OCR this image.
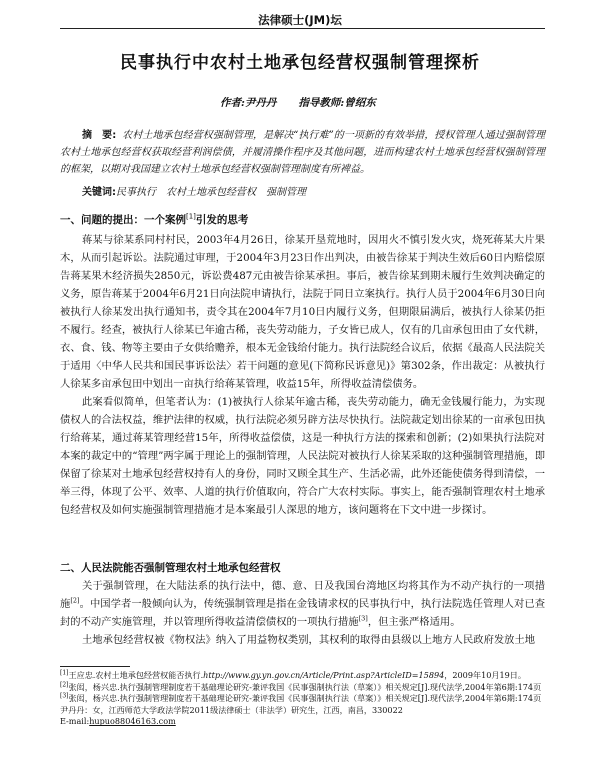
法律硕士(JM)坛
民事执行中农村土地承包经营权强制管理探析
作者:尹丹丹 指导教师:曾绍东
摘　要: 农村土地承包经营权强制管理，是解决“执行难”的一项新的有效举措，授权管理人通过强制管理农村土地承包经营权获取经营利润偿债，并履清操作程序及其他问题，进而构建农村土地承包经营权强制管理的框架，以期对我国建立农村土地承包经营权强制管理制度有所裨益。
关键词:民事执行　农村土地承包经营权　强制管理
一、问题的提出：一个案例[1]引发的思考

蒋某与徐某系同村村民，2003年4月26日，徐某开垦荒地时，因用火不慎引发火灾，烧死蒋某大片果木，从而引起诉讼。法院通过审理，于2004年3月23日作出判决，由被告徐某于判决生效后60日内赔偿原告蒋某果木经济损失2850元，诉讼费487元由被告徐某承担。事后，被告徐某到期未履行生效判决确定的义务，原告蒋某于2004年6月21日向法院申请执行，法院于同日立案执行。执行人员于2004年6月30日向被执行人徐某发出执行通知书，责令其在2004年7月10日内履行义务，但期限届满后，被执行人徐某仍拒不履行。经查，被执行人徐某已年逾古稀，丧失劳动能力，子女皆已成人，仅有的几亩承包田由了女代耕，衣、食、钱、物等主要由子女供给赡养，根本无金钱给付能力。执行法院经合议后，依据《最高人民法院关于适用〈中华人民共和国民事诉讼法〉若干问题的意见(下简称民诉意见)》第302条，作出裁定：从被执行人徐某多亩承包田中划出一亩执行给蒋某管理，收益15年，所得收益清偿债务。

此案看似简单，但笔者认为：(1)被执行人徐某年逾古稀，丧失劳动能力，确无金钱履行能力，为实现债权人的合法权益，维护法律的权威，执行法院必须另辟方法尽快执行。法院裁定划出徐某的一亩承包田执行给蒋某，通过蒋某管理经营15年，所得收益偿债，这是一种执行方法的探索和创新；(2)如果执行法院对本案的裁定中的“管理”两字属于理论上的强制管理，人民法院对被执行人徐某采取的这种强制管理措施，即保留了徐某对土地承包经营权持有人的身份，同时又顾全其生产、生活必需，此外还能使债务得到清偿，一举三得，体现了公平、效率、人道的执行价值取向，符合广大农村实际。事实上，能否强制管理农村土地承包经营权及如何实施强制管理措施才是本案最引人深思的地方，该问题将在下文中进一步探讨。

二、人民法院能否强制管理农村土地承包经营权

关于强制管理，在大陆法系的执行法中，德、意、日及我国台湾地区均将其作为不动产执行的一项措施[2]。中国学者一般倾向认为，传统强制管理是指在金钱请求权的民事执行中，执行法院选任管理人对已查封的不动产实施管理，并以管理所得收益清偿债权的一项执行措施[3]，但主张严格适用。

土地承包经营权被《物权法》纳入了用益物权类别，其权利的取得由县级以上地方人民政府发放土地

[1]王应忠.农村土地承包经营权能否执行.http://www.gy.yn.gov.cn/Article/Print.asp?ArticleID=15894，2009年10月19日。
[2]张闳，杨兴忠.执行强制管理制度若干基础理论研究-兼评我国《民事强制执行法（草案）》相关规定[J].现代法学,2004年第6期:174页
[3]张闳，杨兴忠.执行强制管理制度若干基础理论研究-兼评我国《民事强制执行法（草案）》相关规定[J].现代法学,2004年第6期:174页
尹丹丹：女，江西师范大学政法学院2011级法律硕士（非法学）研究生，江西，南昌，330022
E-mail:hupuo88046163.com
